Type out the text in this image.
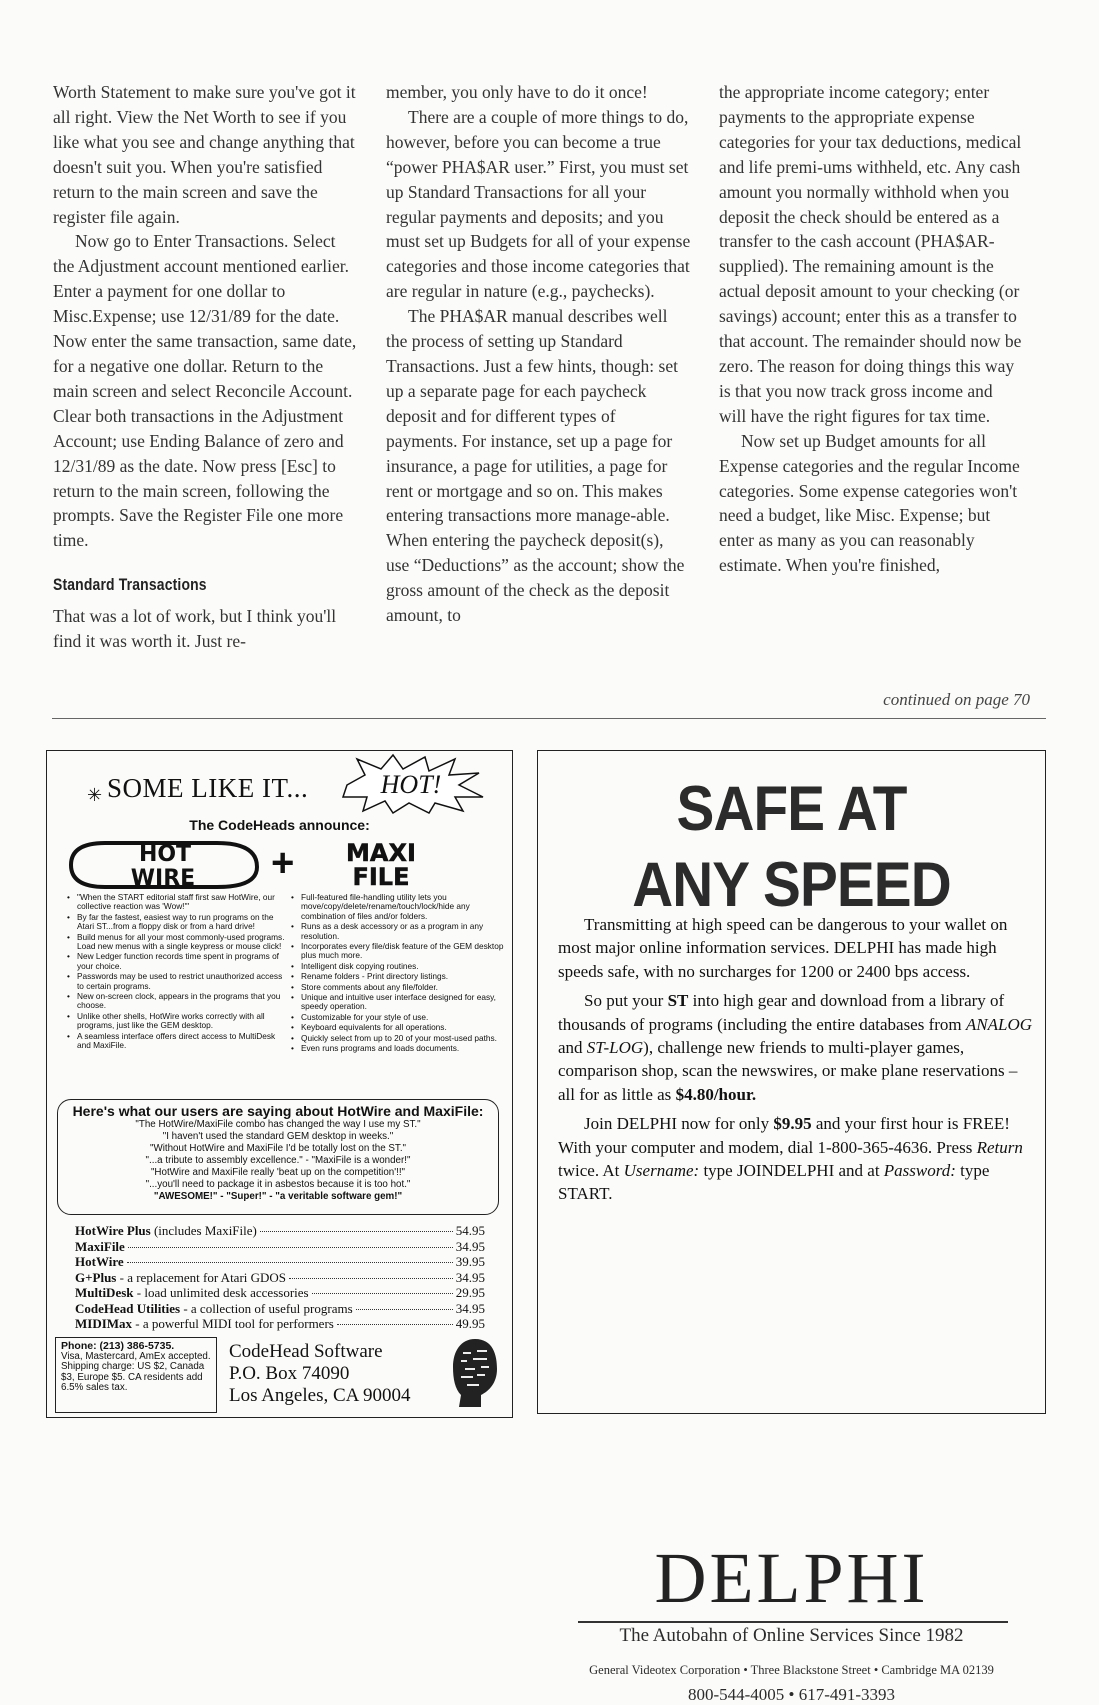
Worth Statement to make sure you've got it all right. View the Net Worth to see if you like what you see and change anything that doesn't suit you. When you're satisfied return to the main screen and save the register file again.

Now go to Enter Transactions. Select the Adjustment account mentioned earlier. Enter a payment for one dollar to Misc.Expense; use 12/31/89 for the date. Now enter the same transaction, same date, for a negative one dollar. Return to the main screen and select Reconcile Account. Clear both transactions in the Adjustment Account; use Ending Balance of zero and 12/31/89 as the date. Now press [Esc] to return to the main screen, following the prompts. Save the Register File one more time.

Standard Transactions

That was a lot of work, but I think you'll find it was worth it. Just re-

member, you only have to do it once!

There are a couple of more things to do, however, before you can become a true “power PHA$AR user.” First, you must set up Standard Transactions for all your regular payments and deposits; and you must set up Budgets for all of your expense categories and those income categories that are regular in nature (e.g., paychecks).

The PHA$AR manual describes well the process of setting up Standard Transactions. Just a few hints, though: set up a separate page for each paycheck deposit and for different types of payments. For instance, set up a page for insurance, a page for utilities, a page for rent or mortgage and so on. This makes entering transactions more manage-able. When entering the paycheck deposit(s), use “Deductions” as the account; show the gross amount of the check as the deposit amount, to

the appropriate income category; enter payments to the appropriate expense categories for your tax deductions, medical and life premi-ums withheld, etc. Any cash amount you normally withhold when you deposit the check should be entered as a transfer to the cash account (PHA$AR-supplied). The remaining amount is the actual deposit amount to your checking (or savings) account; enter this as a transfer to that account. The remainder should now be zero. The reason for doing things this way is that you now track gross income and will have the right figures for tax time.

Now set up Budget amounts for all Expense categories and the regular Income categories. Some expense categories won't need a budget, like Misc. Expense; but enter as many as you can reasonably estimate. When you're finished,

continued on page 70
✳ SOME LIKE IT...	HOT!
The CodeHeads announce:
HOT
WIRE + MAXI
FILE
• "When the START editorial staff first saw HotWire, our collective reaction was 'Wow!'"
• By far the fastest, easiest way to run programs on the Atari ST...from a floppy disk or from a hard drive!
• Build menus for all your most commonly-used programs. Load new menus with a single keypress or mouse click!
• New Ledger function records time spent in programs of your choice.
• Passwords may be used to restrict unauthorized access to certain programs.
• New on-screen clock, appears in the programs that you choose.
• Unlike other shells, HotWire works correctly with all programs, just like the GEM desktop.
• A seamless interface offers direct access to MultiDesk and MaxiFile.
• Full-featured file-handling utility lets you move/copy/delete/rename/touch/lock/hide any combination of files and/or folders.
• Runs as a desk accessory or as a program in any resolution.
• Incorporates every file/disk feature of the GEM desktop plus much more.
• Intelligent disk copying routines.
• Rename folders - Print directory listings.
• Store comments about any file/folder.
• Unique and intuitive user interface designed for easy, speedy operation.
• Customizable for your style of use.
• Keyboard equivalents for all operations.
• Quickly select from up to 20 of your most-used paths.
• Even runs programs and loads documents.
Here's what our users are saying about HotWire and MaxiFile:
"The HotWire/MaxiFile combo has changed the way I use my ST."
"I haven't used the standard GEM desktop in weeks."
"Without HotWire and MaxiFile I'd be totally lost on the ST."
"...a tribute to assembly excellence." - "MaxiFile is a wonder!"
"HotWire and MaxiFile really 'beat up on the competition'!!"
"...you'll need to package it in asbestos because it is too hot."
"AWESOME!" - "Super!" - "a veritable software gem!"
HotWire Plus (includes MaxiFile)	54.95
MaxiFile	34.95
HotWire	39.95
G+Plus - a replacement for Atari GDOS	34.95
MultiDesk - load unlimited desk accessories	29.95
CodeHead Utilities - a collection of useful programs	34.95
MIDIMax - a powerful MIDI tool for performers	49.95
Phone: (213) 386-5735.
Visa, Mastercard, AmEx accepted. Shipping charge: US $2, Canada $3, Europe $5. CA residents add 6.5% sales tax.
CodeHead Software
P.O. Box 74090
Los Angeles, CA 90004
SAFE AT
ANY SPEED

Transmitting at high speed can be dangerous to your wallet on most major online information services. DELPHI has made high speeds safe, with no surcharges for 1200 or 2400 bps access.

So put your ST into high gear and download from a library of thousands of programs (including the entire databases from ANALOG and ST-LOG), challenge new friends to multi-player games, comparison shop, scan the newswires, or make plane reservations – all for as little as $4.80/hour.

Join DELPHI now for only $9.95 and your first hour is FREE! With your computer and modem, dial 1-800-365-4636. Press Return twice. At Username: type JOINDELPHI and at Password: type START.

DELPHI
The Autobahn of Online Services Since 1982
General Videotex Corporation • Three Blackstone Street • Cambridge MA 02139
800-544-4005 • 617-491-3393
